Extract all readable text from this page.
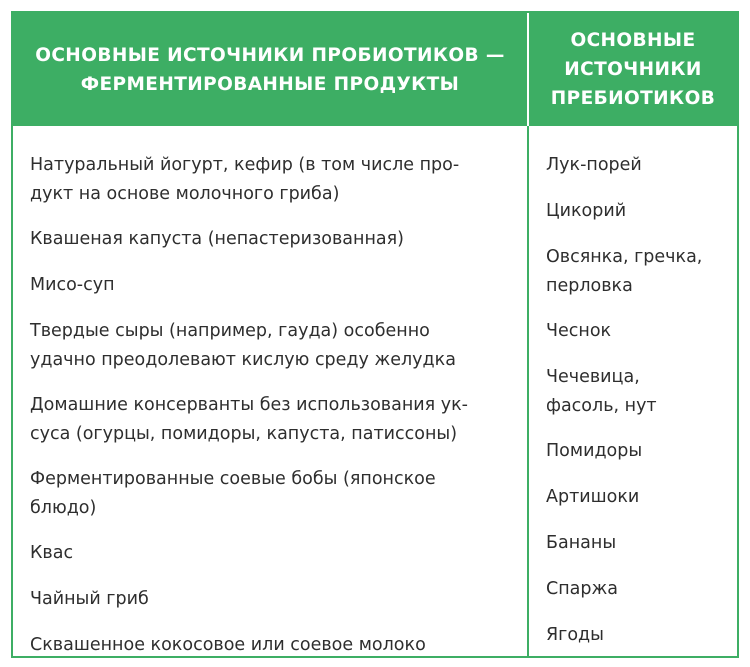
ОСНОВНЫЕ ИСТОЧНИКИ ПРОБИОТИКОВ —
ФЕРМЕНТИРОВАННЫЕ ПРОДУКТЫ
ОСНОВНЫЕ
ИСТОЧНИКИ
ПРЕБИОТИКОВ
Натуральный йогурт, кефир (в том числе про-
дукт на основе молочного гриба)
Квашеная капуста (непастеризованная)
Мисо-суп
Твердые сыры (например, гауда) особенно
удачно преодолевают кислую среду желудка
Домашние консерванты без использования ук-
суса (огурцы, помидоры, капуста, патиссоны)
Ферментированные соевые бобы (японское
блюдо)
Квас
Чайный гриб
Сквашенное кокосовое или соевое молоко
Лук-порей
Цикорий
Овсянка, гречка,
перловка
Чеснок
Чечевица,
фасоль, нут
Помидоры
Артишоки
Бананы
Спаржа
Ягоды
